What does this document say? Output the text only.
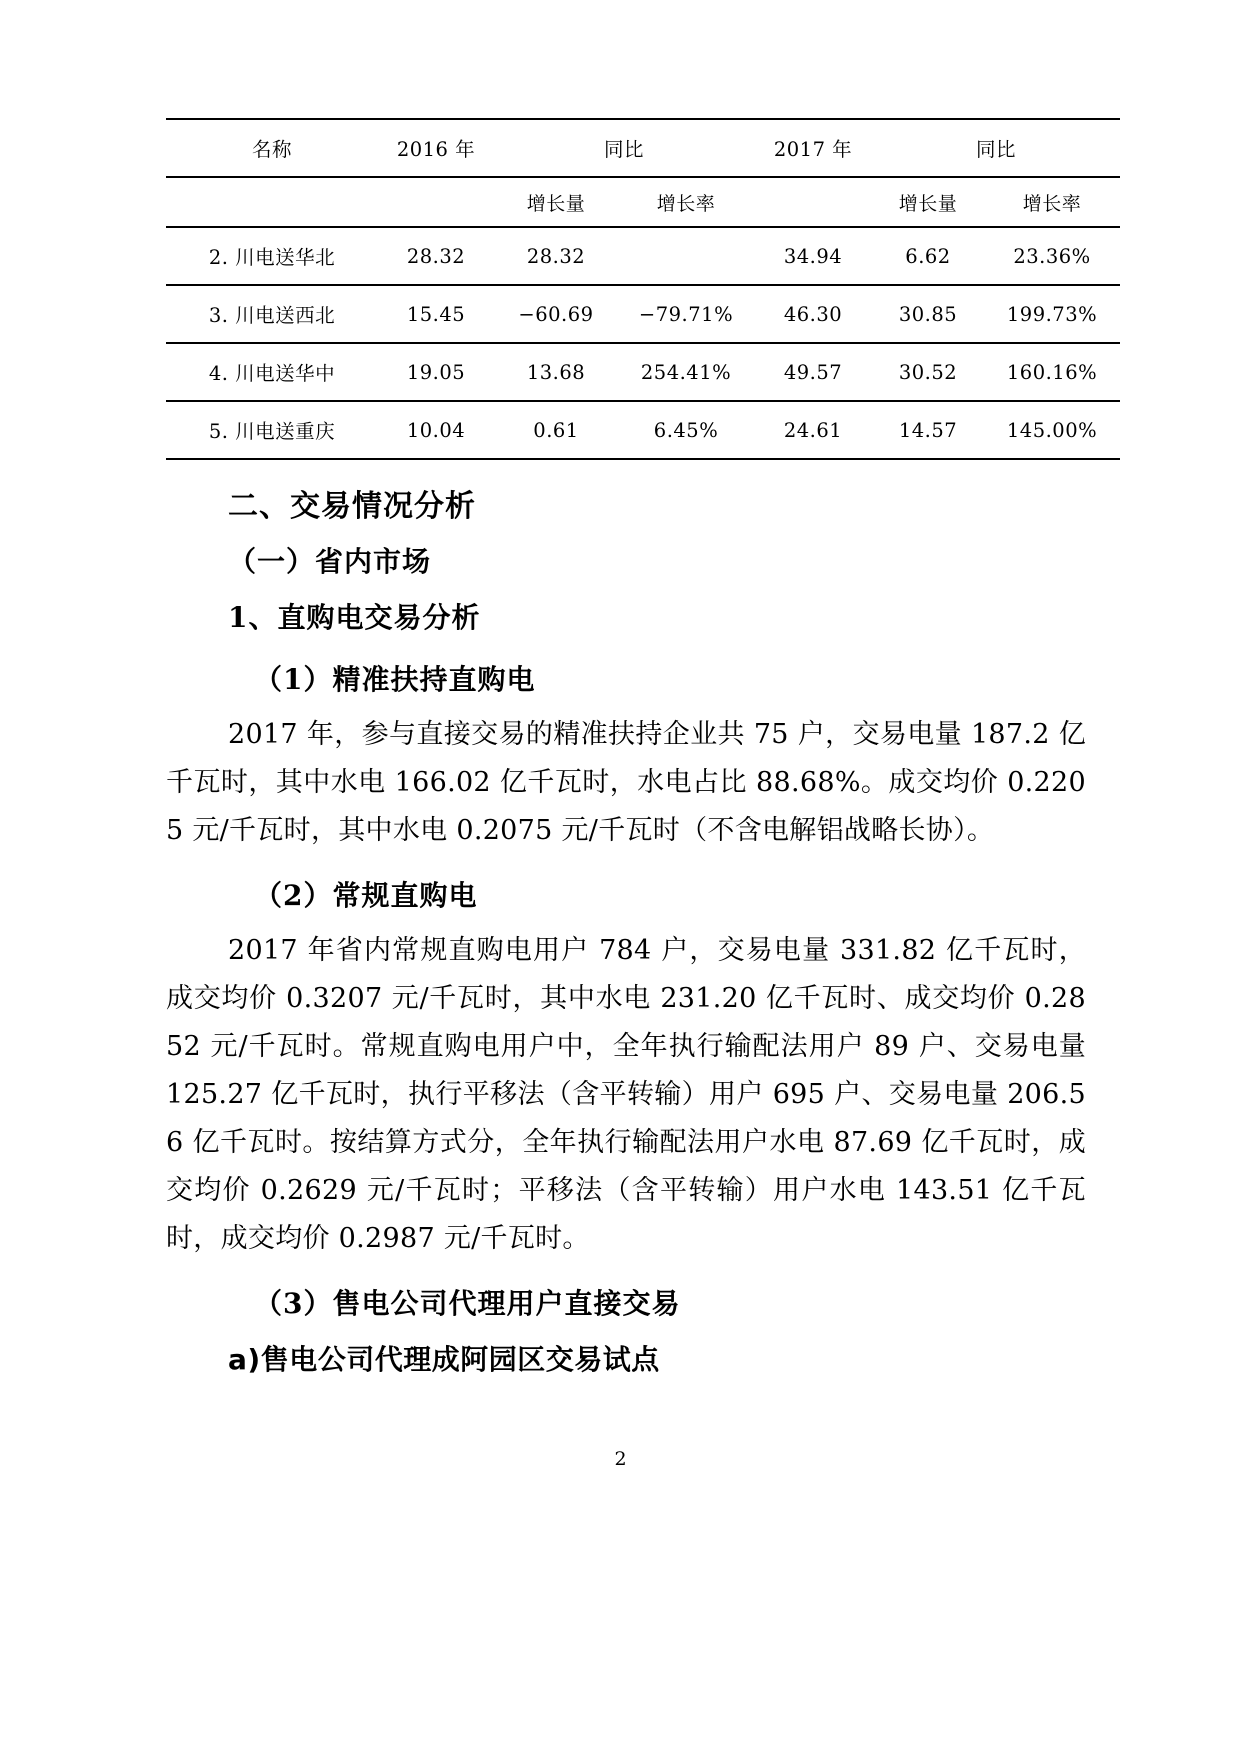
名称	2016 年	同比		2017 年	同比	
		增长量	增长率		增长量	增长率
2. 川电送华北	28.32	28.32		34.94	6.62	23.36%
3. 川电送西北	15.45	−60.69	−79.71%	46.30	30.85	199.73%
4. 川电送华中	19.05	13.68	254.41%	49.57	30.52	160.16%
5. 川电送重庆	10.04	0.61	6.45%	24.61	14.57	145.00%
二、交易情况分析
（一）省内市场
1、直购电交易分析
（1）精准扶持直购电

2017 年，参与直接交易的精准扶持企业共 75 户，交易电量 187.2 亿千瓦时，其中水电 166.02 亿千瓦时，水电占比 88.68%。成交均价 0.2205 元/千瓦时，其中水电 0.2075 元/千瓦时（不含电解铝战略长协）。

（2）常规直购电

2017 年省内常规直购电用户 784 户，交易电量 331.82 亿千瓦时，成交均价 0.3207 元/千瓦时，其中水电 231.20 亿千瓦时、成交均价 0.2852 元/千瓦时。常规直购电用户中，全年执行输配法用户 89 户、交易电量 125.27 亿千瓦时，执行平移法（含平转输）用户 695 户、交易电量 206.56 亿千瓦时。按结算方式分，全年执行输配法用户水电 87.69 亿千瓦时，成交均价 0.2629 元/千瓦时；平移法（含平转输）用户水电 143.51 亿千瓦时，成交均价 0.2987 元/千瓦时。

（3）售电公司代理用户直接交易
a)售电公司代理成阿园区交易试点
2
